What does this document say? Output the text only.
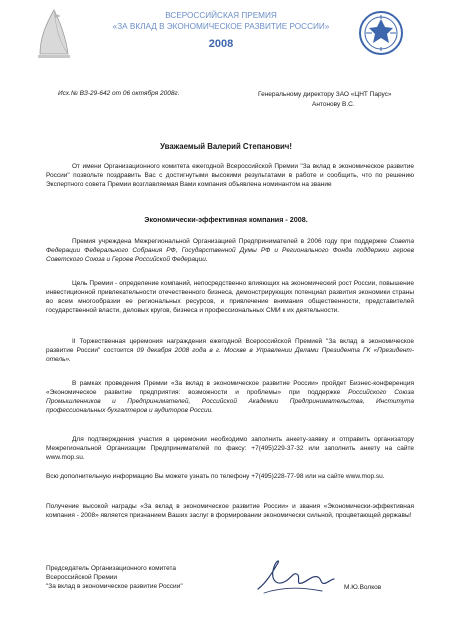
ВСЕРОССИЙСКАЯ ПРЕМИЯ
«ЗА ВКЛАД В ЭКОНОМИЧЕСКОЕ РАЗВИТИЕ РОССИИ»
2008
Исх.№ ВЗ-29-642 от 06 октября 2008г.	Генеральному директору ЗАО «ЦНТ Парус»
Антонову В.С.
Уважаемый Валерий Степанович!
От имени Организационного комитета ежегодной Всероссийской Премии "За вклад в экономическое развитие России" позвольте поздравить Вас с достигнутыми высокими результатами в работе и сообщить, что по решению Экспертного совета Премии возглавляемая Вами компания объявлена номинантом на звание
Экономически-эффективная компания - 2008.
Премия учреждена Межрегиональной Организацией Предпринимателей в 2006 году при поддержке Совета Федерации Федерального Собрания РФ, Государственной Думы РФ и Регионального Фонда поддержки героев Советского Союза и Героев Российской Федерации.
Цель Премии - определение компаний, непосредственно влияющих на экономический рост России, повышение инвестиционной привлекательности отечественного бизнеса, демонстрирующих потенциал развития экономики страны во всем многообразии ее региональных ресурсов, и привлечение внимания общественности, представителей государственной власти, деловых кругов, бизнеса и профессиональных СМИ к их деятельности.
II Торжественная церемония награждения ежегодной Всероссийской Премией "За вклад в экономическое развитие России" состоится 09 декабря 2008 года в г. Москве в Управлении Делами Президента ГК «Президент-отель».
В рамках проведения Премии «За вклад в экономическое развитие России» пройдет Бизнес-конференция «Экономическое развитие предприятия: возможности и проблемы» при поддержке Российского Союза Промышленников и Предпринимателей, Российской Академии Предпринимательства, Института профессиональных бухгалтеров и аудиторов России.
Для подтверждения участия в церемонии необходимо заполнить анкету-заявку и отправить организатору Межрегиональной Организации Предпринимателей по факсу: +7(495)229-37-32 или заполнить анкету на сайте www.mop.su.
Всю дополнительную информацию Вы можете узнать по телефону +7(495)228-77-98 или на сайте www.mop.su.
Получение высокой награды «За вклад в экономическое развитие России» и звания «Экономически-эффективная компания - 2008» является признанием Ваших заслуг в формировании экономически сильной, процветающей державы!
Председатель Организационного комитета
Всероссийской Премии
"За вклад в экономическое развитие России"	М.Ю.Волков
